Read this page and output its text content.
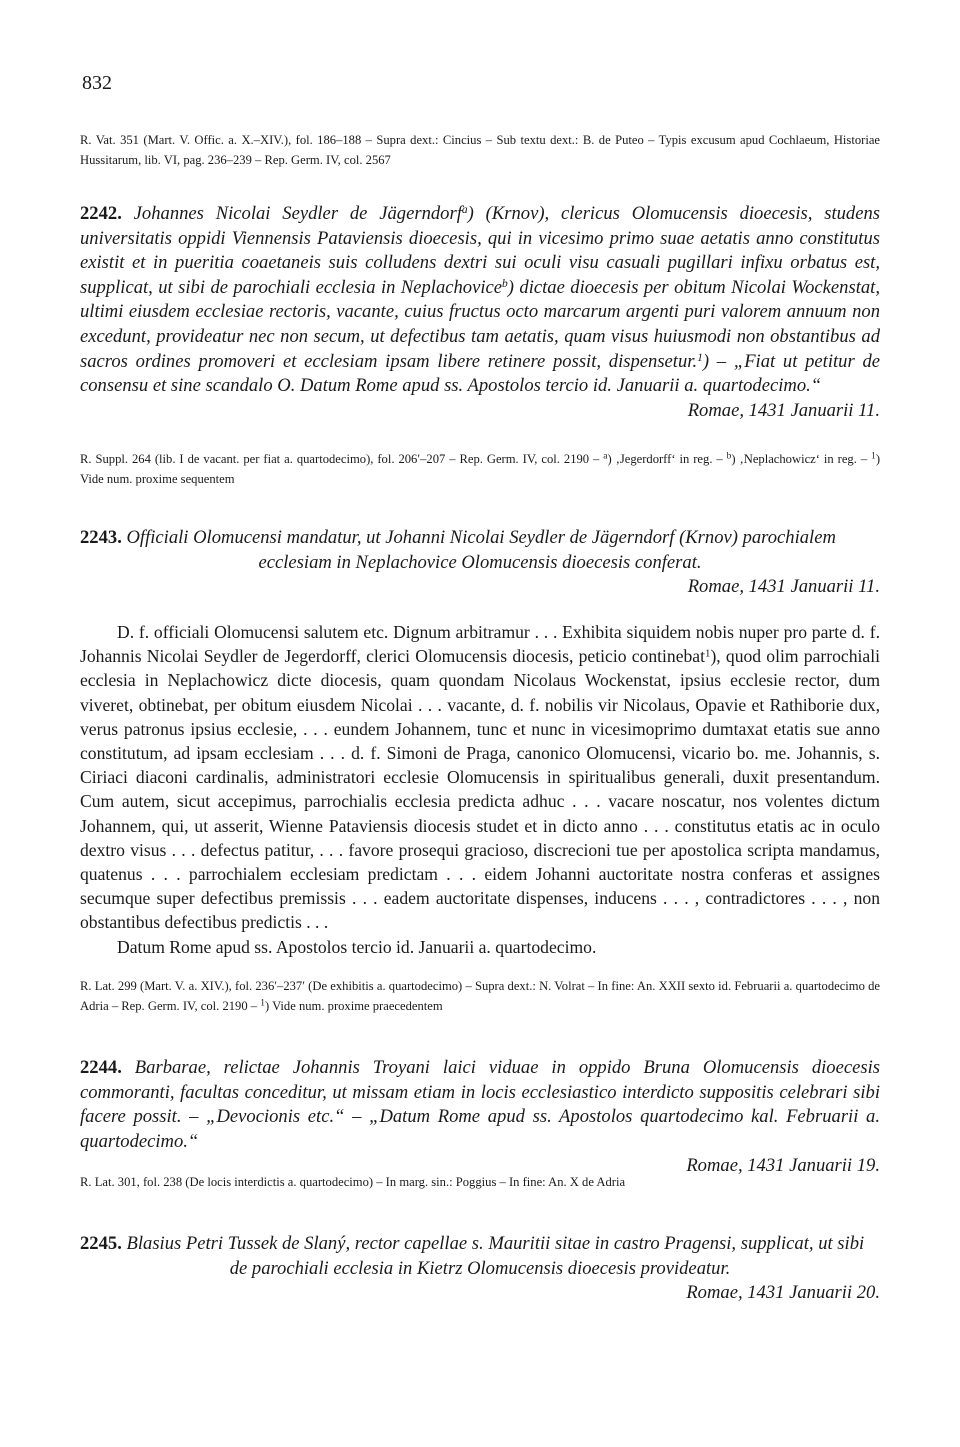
832

R. Vat. 351 (Mart. V. Offic. a. X.–XIV.), fol. 186–188 – Supra dext.: Cincius – Sub textu dext.: B. de Puteo – Typis excusum apud Cochlaeum, Historiae Hussitarum, lib. VI, pag. 236–239 – Rep. Germ. IV, col. 2567

2242. Johannes Nicolai Seydler de Jägerndorf$^a$) (Krnov), clericus Olomucensis dioecesis, studens universitatis oppidi Viennensis Pataviensis dioecesis, qui in vicesimo primo suae aetatis anno constitutus existit et in pueritia coaetaneis suis colludens dextri sui oculi visu casuali pugillari infixu orbatus est, supplicat, ut sibi de parochiali ecclesia in Neplachovice$^b$) dictae dioecesis per obitum Nicolai Wockenstat, ultimi eiusdem ecclesiae rectoris, vacante, cuius fructus octo marcarum argenti puri valorem annuum non excedunt, provideatur nec non secum, ut defectibus tam aetatis, quam visus huiusmodi non obstantibus ad sacros ordines promoveri et ecclesiam ipsam libere retinere possit, dispensetur.$^1$) – „Fiat ut petitur de consensu et sine scandalo O. Datum Rome apud ss. Apostolos tercio id. Januarii a. quartodecimo.“

Romae, 1431 Januarii 11.

R. Suppl. 264 (lib. I de vacant. per fiat a. quartodecimo), fol. 206′–207 – Rep. Germ. IV, col. 2190 – $^a$) ‚Jegerdorff‘ in reg. – $^b$) ‚Neplachowicz‘ in reg. – $^1$) Vide num. proxime sequentem

2243. Officiali Olomucensi mandatur, ut Johanni Nicolai Seydler de Jägerndorf (Krnov) parochialem
ecclesiam in Neplachovice Olomucensis dioecesis conferat.

Romae, 1431 Januarii 11.

D. f. officiali Olomucensi salutem etc. Dignum arbitramur . . . Exhibita siquidem nobis nuper pro parte d. f. Johannis Nicolai Seydler de Jegerdorff, clerici Olomucensis diocesis, peticio continebat$^1$), quod olim parrochiali ecclesia in Neplachowicz dicte diocesis, quam quondam Nicolaus Wockenstat, ipsius ecclesie rector, dum viveret, obtinebat, per obitum eiusdem Nicolai . . . vacante, d. f. nobilis vir Nicolaus, Opavie et Rathiborie dux, verus patronus ipsius ecclesie, . . . eundem Johannem, tunc et nunc in vicesimoprimo dumtaxat etatis sue anno constitutum, ad ipsam ecclesiam . . . d. f. Simoni de Praga, canonico Olomucensi, vicario bo. me. Johannis, s. Ciriaci diaconi cardinalis, administratori ecclesie Olomucensis in spiritualibus generali, duxit presentandum. Cum autem, sicut accepimus, parrochialis ecclesia predicta adhuc . . . vacare noscatur, nos volentes dictum Johannem, qui, ut asserit, Wienne Pataviensis diocesis studet et in dicto anno . . . constitutus etatis ac in oculo dextro visus . . . defectus patitur, . . . favore prosequi gracioso, discrecioni tue per apostolica scripta mandamus, quatenus . . . parrochialem ecclesiam predictam . . . eidem Johanni auctoritate nostra conferas et assignes secumque super defectibus premissis . . . eadem auctoritate dispenses, inducens . . . , contradictores . . . , non obstantibus defectibus predictis . . .

Datum Rome apud ss. Apostolos tercio id. Januarii a. quartodecimo.

R. Lat. 299 (Mart. V. a. XIV.), fol. 236′–237′ (De exhibitis a. quartodecimo) – Supra dext.: N. Volrat – In fine: An. XXII sexto id. Februarii a. quartodecimo de Adria – Rep. Germ. IV, col. 2190 – $^1$) Vide num. proxime praecedentem

2244. Barbarae, relictae Johannis Troyani laici viduae in oppido Bruna Olomucensis dioecesis commoranti, facultas conceditur, ut missam etiam in locis ecclesiastico interdicto suppositis celebrari sibi facere possit. – „Devocionis etc.“ – „Datum Rome apud ss. Apostolos quartodecimo kal. Februarii a. quartodecimo.“

Romae, 1431 Januarii 19.

R. Lat. 301, fol. 238 (De locis interdictis a. quartodecimo) – In marg. sin.: Poggius – In fine: An. X de Adria

2245. Blasius Petri Tussek de Slaný, rector capellae s. Mauritii sitae in castro Pragensi, supplicat, ut sibi
de parochiali ecclesia in Kietrz Olomucensis dioecesis provideatur.

Romae, 1431 Januarii 20.
